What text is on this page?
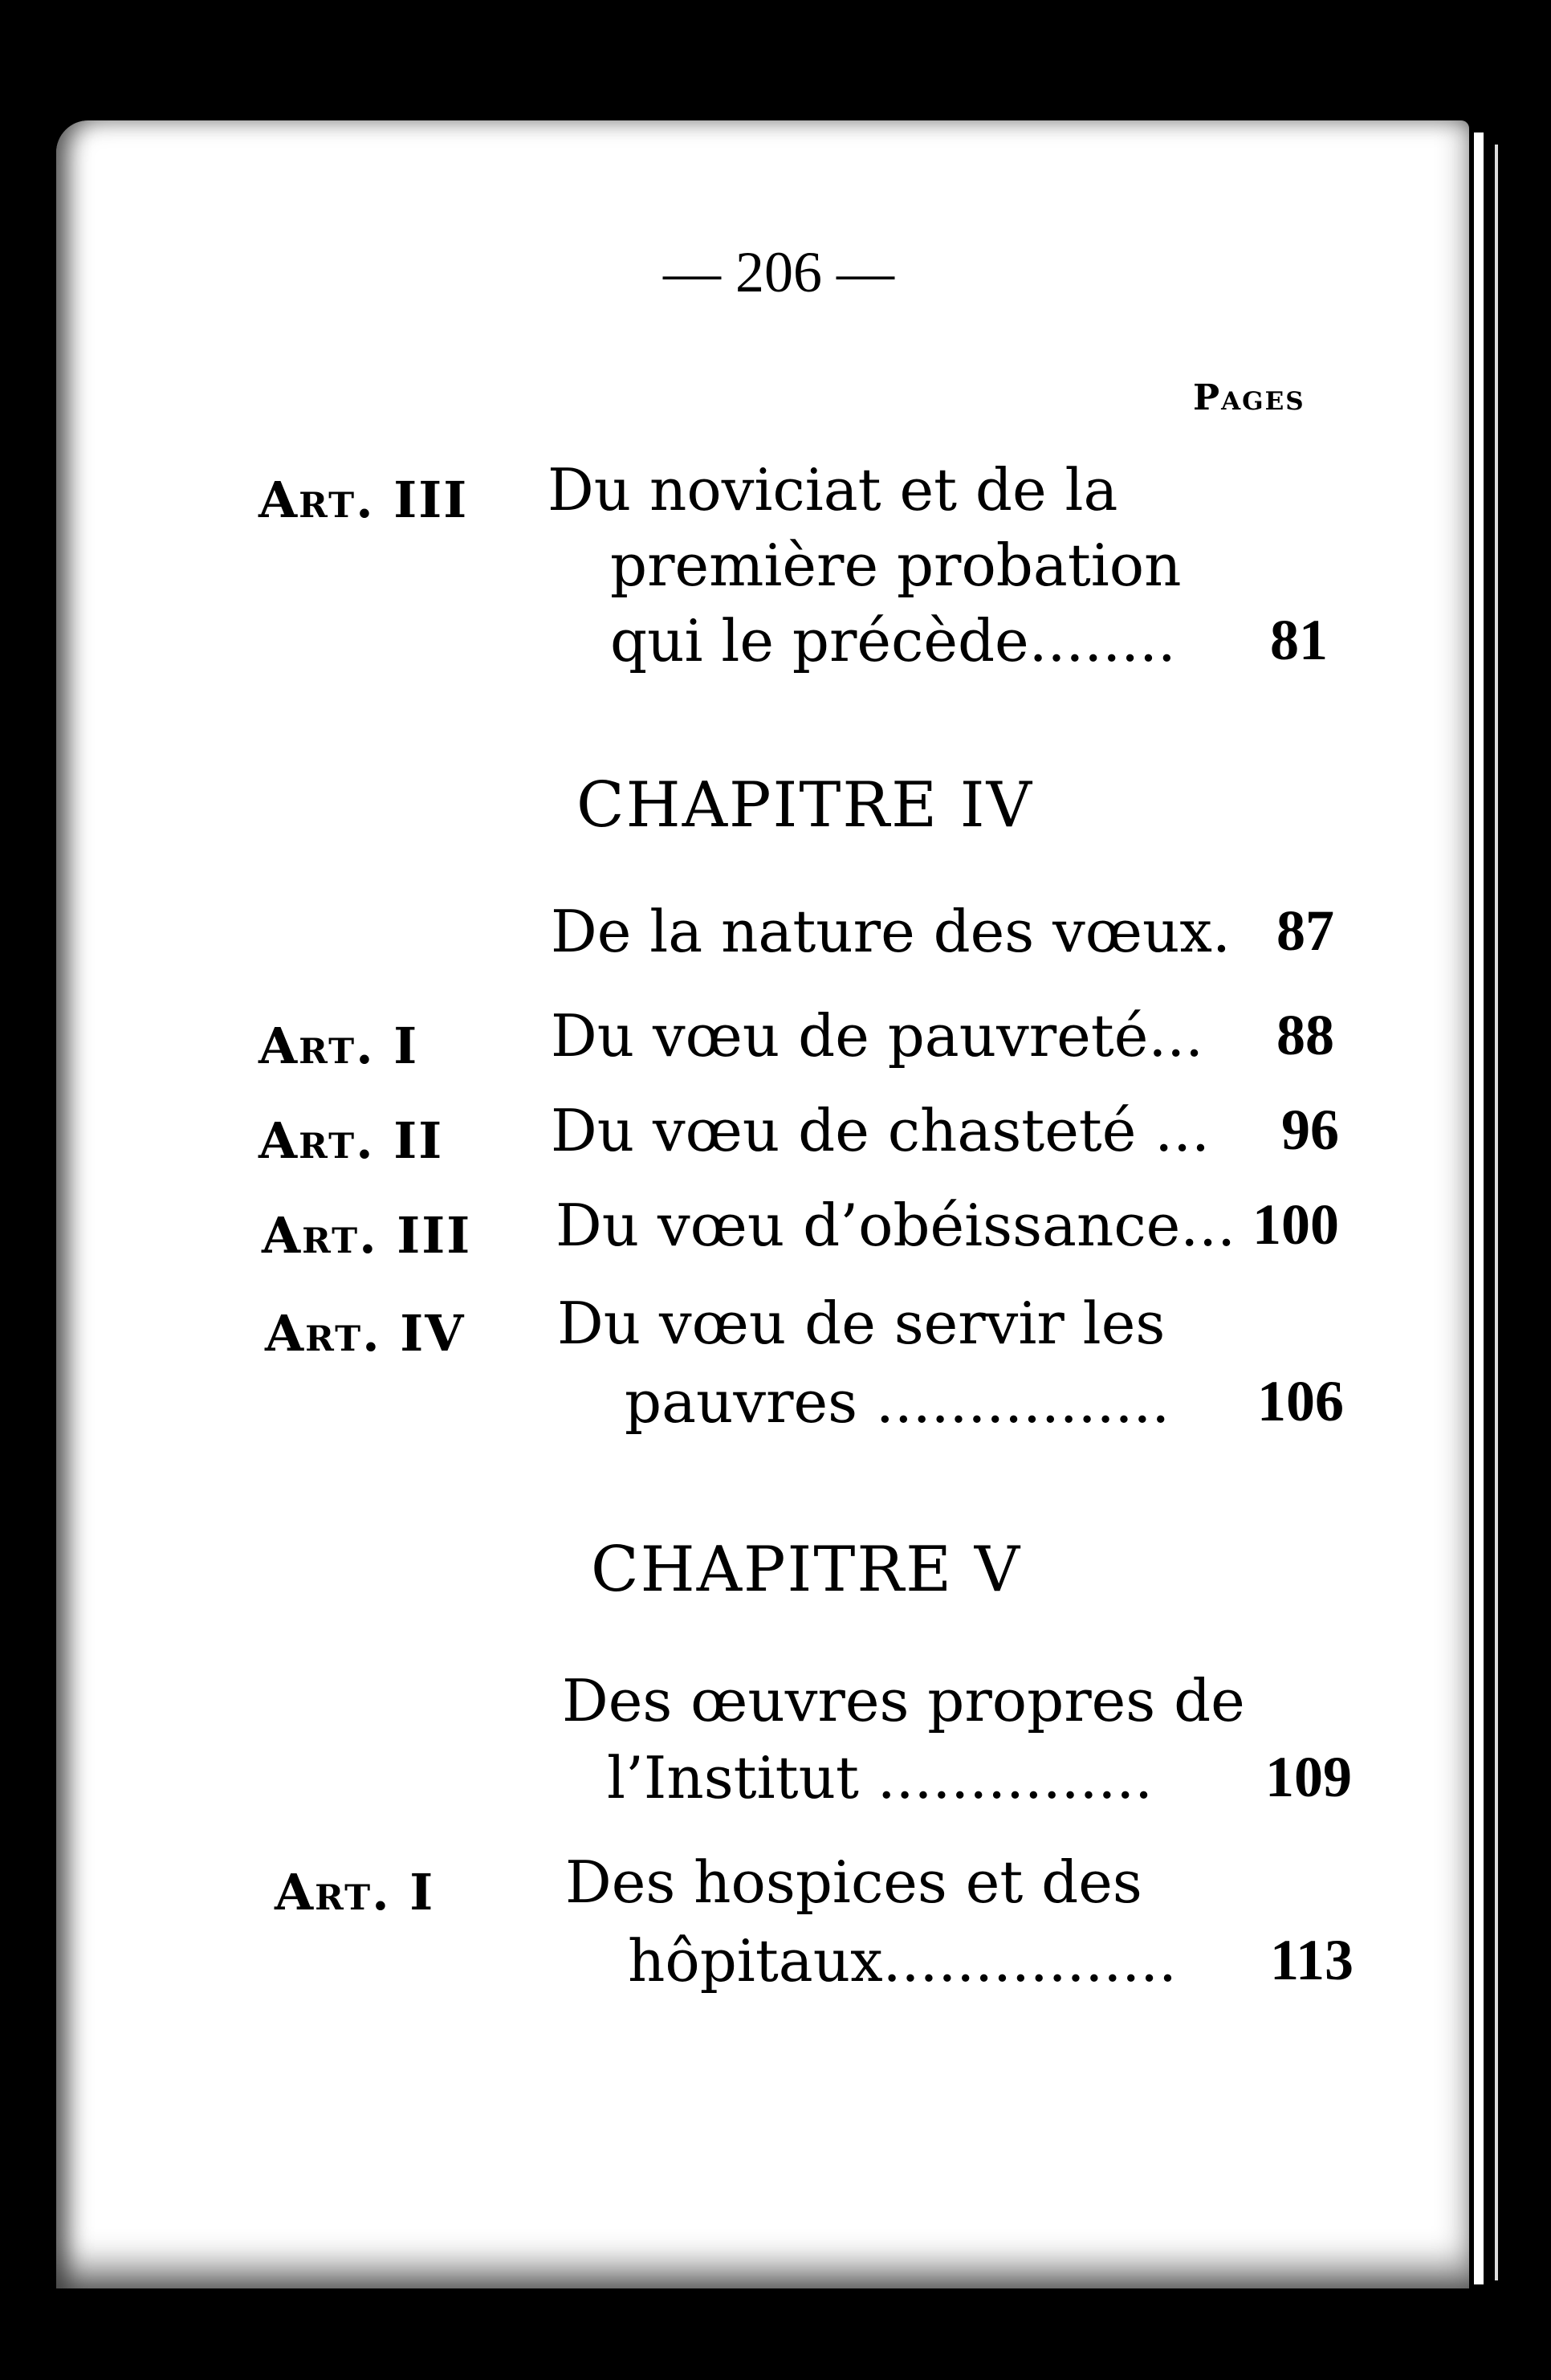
— 206 —
Pages
Art. III Du noviciat et de la
première probation
qui le précède........ 81
CHAPITRE IV
De la nature des vœux. 87
Art. I Du vœu de pauvreté... 88
Art. II Du vœu de chasteté ... 96
Art. III Du vœu d’obéissance... 100
Art. IV Du vœu de servir les
pauvres ................ 106
CHAPITRE V
Des œuvres propres de
l’Institut ............... 109
Art. I Des hospices et des
hôpitaux................ 113
